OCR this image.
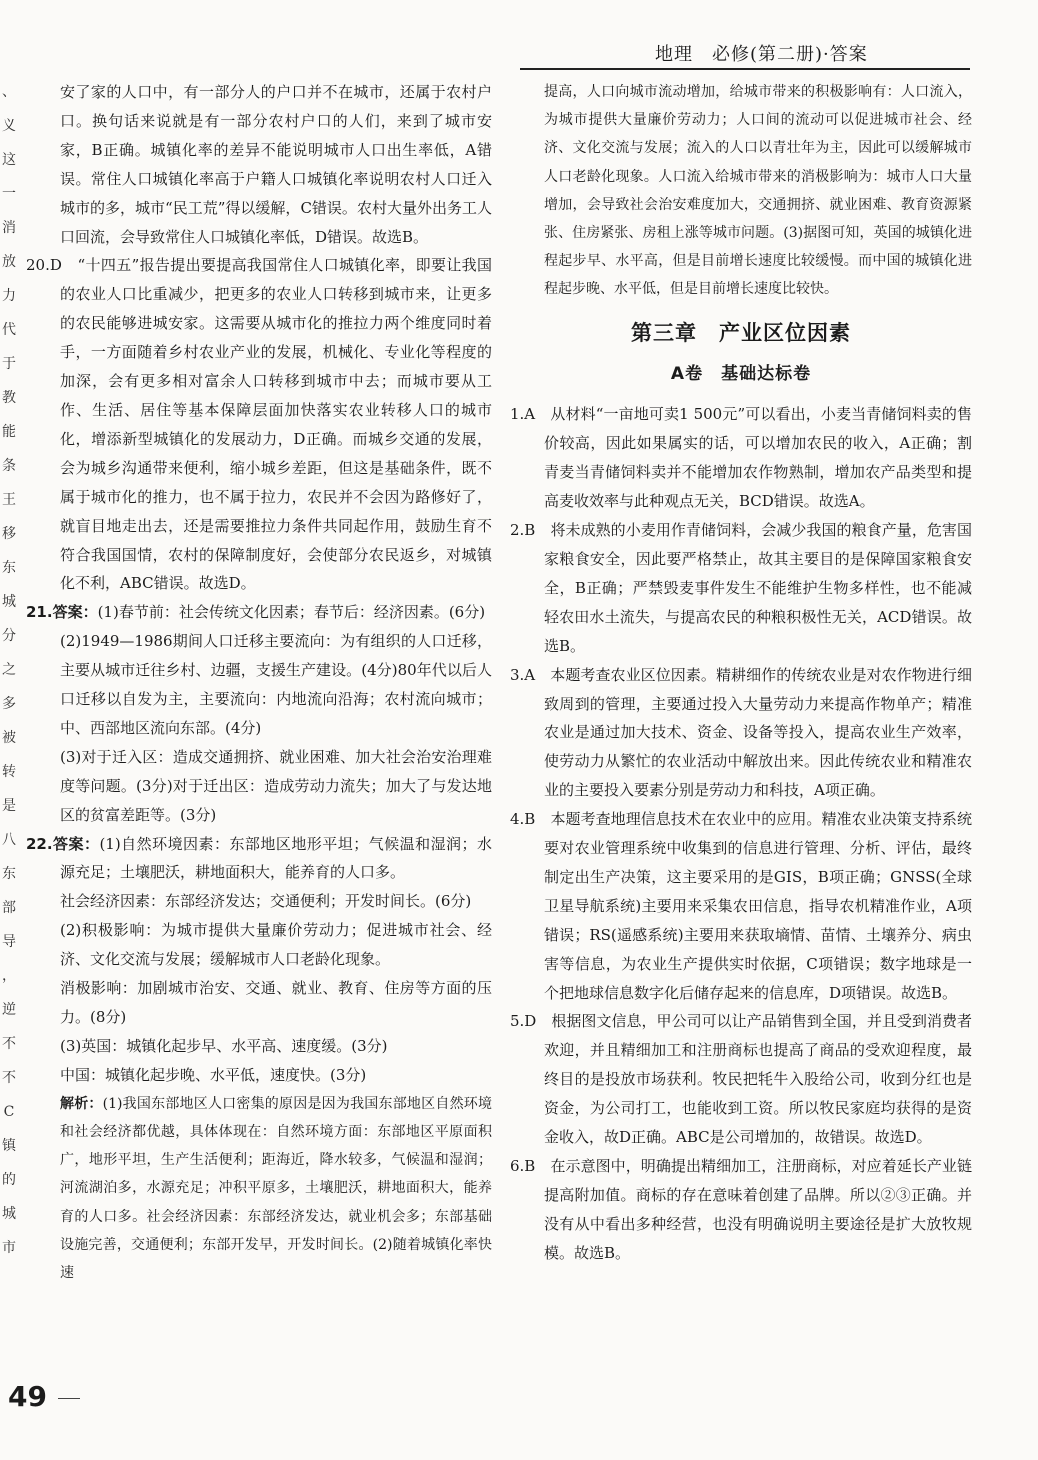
地理　必修(第二册)·答案
、
义
这
一
消
放
力
代
于
教
能
条
王
移
东
城
分
之
多
被
转
是
八
东
部
导
，
逆
不
不
C
镇
的
城
市

安了家的人口中，有一部分人的户口并不在城市，还属于农村户口。换句话来说就是有一部分农村户口的人们，来到了城市安家，B正确。城镇化率的差异不能说明城市人口出生率低，A错误。常住人口城镇化率高于户籍人口城镇化率说明农村人口迁入城市的多，城市“民工荒”得以缓解，C错误。农村大量外出务工人口回流，会导致常住人口城镇化率低，D错误。故选B。

20.D　“十四五”报告提出要提高我国常住人口城镇化率，即要让我国的农业人口比重减少，把更多的农业人口转移到城市来，让更多的农民能够进城安家。这需要从城市化的推拉力两个维度同时着手，一方面随着乡村农业产业的发展，机械化、专业化等程度的加深，会有更多相对富余人口转移到城市中去；而城市要从工作、生活、居住等基本保障层面加快落实农业转移人口的城市化，增添新型城镇化的发展动力，D正确。而城乡交通的发展，会为城乡沟通带来便利，缩小城乡差距，但这是基础条件，既不属于城市化的推力，也不属于拉力，农民并不会因为路修好了，就盲目地走出去，还是需要推拉力条件共同起作用，鼓励生育不符合我国国情，农村的保障制度好，会使部分农民返乡，对城镇化不利，ABC错误。故选D。

21.答案：(1)春节前：社会传统文化因素；春节后：经济因素。(6分)

(2)1949—1986期间人口迁移主要流向：为有组织的人口迁移，主要从城市迁往乡村、边疆，支援生产建设。(4分)80年代以后人口迁移以自发为主，主要流向：内地流向沿海；农村流向城市；中、西部地区流向东部。(4分)

(3)对于迁入区：造成交通拥挤、就业困难、加大社会治安治理难度等问题。(3分)对于迁出区：造成劳动力流失；加大了与发达地区的贫富差距等。(3分)

22.答案：(1)自然环境因素：东部地区地形平坦；气候温和湿润；水源充足；土壤肥沃，耕地面积大，能养育的人口多。

社会经济因素：东部经济发达；交通便利；开发时间长。(6分)

(2)积极影响：为城市提供大量廉价劳动力；促进城市社会、经济、文化交流与发展；缓解城市人口老龄化现象。

消极影响：加剧城市治安、交通、就业、教育、住房等方面的压力。(8分)

(3)英国：城镇化起步早、水平高、速度缓。(3分)

中国：城镇化起步晚、水平低，速度快。(3分)

解析：(1)我国东部地区人口密集的原因是因为我国东部地区自然环境和社会经济都优越，具体体现在：自然环境方面：东部地区平原面积广，地形平坦，生产生活便利；距海近，降水较多，气候温和湿润；河流湖泊多，水源充足；冲积平原多，土壤肥沃，耕地面积大，能养育的人口多。社会经济因素：东部经济发达，就业机会多；东部基础设施完善，交通便利；东部开发早，开发时间长。(2)随着城镇化率快速

提高，人口向城市流动增加，给城市带来的积极影响有：人口流入，为城市提供大量廉价劳动力；人口间的流动可以促进城市社会、经济、文化交流与发展；流入的人口以青壮年为主，因此可以缓解城市人口老龄化现象。人口流入给城市带来的消极影响为：城市人口大量增加，会导致社会治安难度加大，交通拥挤、就业困难、教育资源紧张、住房紧张、房租上涨等城市问题。(3)据图可知，英国的城镇化进程起步早、水平高，但是目前增长速度比较缓慢。而中国的城镇化进程起步晚、水平低，但是目前增长速度比较快。

第三章　产业区位因素
A卷　基础达标卷

1.A　从材料“一亩地可卖1 500元”可以看出，小麦当青储饲料卖的售价较高，因此如果属实的话，可以增加农民的收入，A正确；割青麦当青储饲料卖并不能增加农作物熟制，增加农产品类型和提高麦收效率与此种观点无关，BCD错误。故选A。

2.B　将未成熟的小麦用作青储饲料，会减少我国的粮食产量，危害国家粮食安全，因此要严格禁止，故其主要目的是保障国家粮食安全，B正确；严禁毁麦事件发生不能维护生物多样性，也不能减轻农田水土流失，与提高农民的种粮积极性无关，ACD错误。故选B。

3.A　本题考查农业区位因素。精耕细作的传统农业是对农作物进行细致周到的管理，主要通过投入大量劳动力来提高作物单产；精准农业是通过加大技术、资金、设备等投入，提高农业生产效率，使劳动力从繁忙的农业活动中解放出来。因此传统农业和精准农业的主要投入要素分别是劳动力和科技，A项正确。

4.B　本题考查地理信息技术在农业中的应用。精准农业决策支持系统要对农业管理系统中收集到的信息进行管理、分析、评估，最终制定出生产决策，这主要采用的是GIS，B项正确；GNSS(全球卫星导航系统)主要用来采集农田信息，指导农机精准作业，A项错误；RS(遥感系统)主要用来获取墒情、苗情、土壤养分、病虫害等信息，为农业生产提供实时依据，C项错误；数字地球是一个把地球信息数字化后储存起来的信息库，D项错误。故选B。

5.D　根据图文信息，甲公司可以让产品销售到全国，并且受到消费者欢迎，并且精细加工和注册商标也提高了商品的受欢迎程度，最终目的是投放市场获利。牧民把牦牛入股给公司，收到分红也是资金，为公司打工，也能收到工资。所以牧民家庭均获得的是资金收入，故D正确。ABC是公司增加的，故错误。故选D。

6.B　在示意图中，明确提出精细加工，注册商标，对应着延长产业链提高附加值。商标的存在意味着创建了品牌。所以②③正确。并没有从中看出多种经营，也没有明确说明主要途径是扩大放牧规模。故选B。

49
